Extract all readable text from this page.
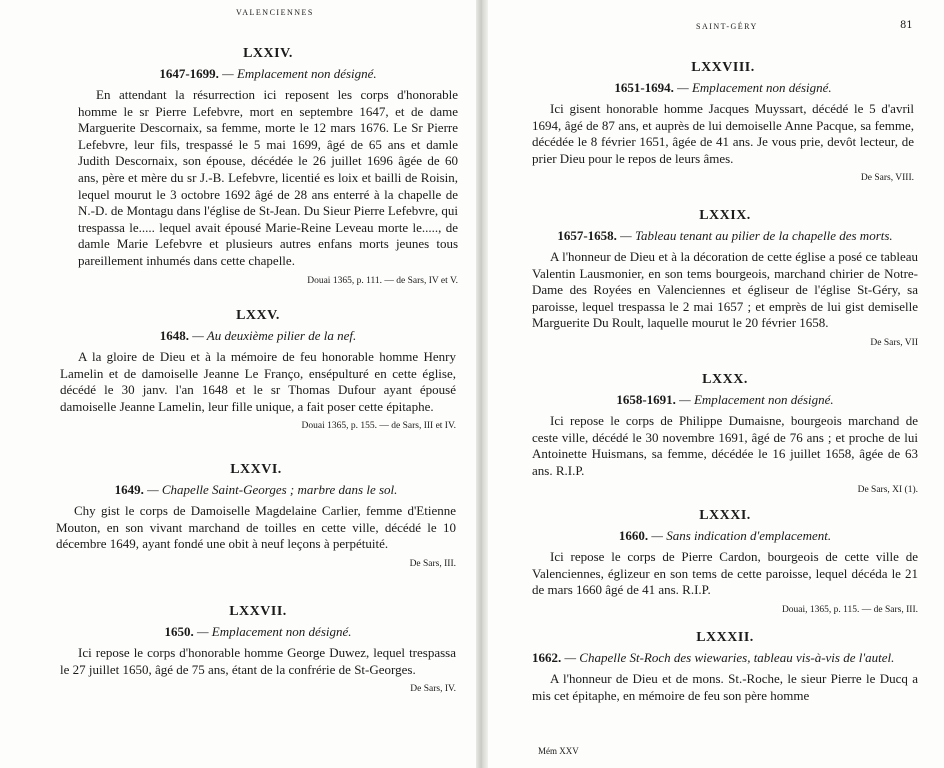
VALENCIENNES
LXXIV.
1647-1699. — Emplacement non désigné.
En attendant la résurrection ici reposent les corps d'honorable homme le sr Pierre Lefebvre, mort en septembre 1647, et de dame Marguerite Descornaix, sa femme, morte le 12 mars 1676. Le Sr Pierre Lefebvre, leur fils, trespassé le 5 mai 1699, âgé de 65 ans et damle Judith Descornaix, son épouse, décédée le 26 juillet 1696 âgée de 60 ans, père et mère du sr J.-B. Lefebvre, licentié es loix et bailli de Roisin, lequel mourut le 3 octobre 1692 âgé de 28 ans enterré à la chapelle de N.-D. de Montagu dans l'église de St-Jean. Du Sieur Pierre Lefebvre, qui trespassa le..... lequel avait épousé Marie-Reine Leveau morte le....., de damle Marie Lefebvre et plusieurs autres enfans morts jeunes tous pareillement inhumés dans cette chapelle.
Douai 1365, p. 111. — de Sars, IV et V.
LXXV.
1648. — Au deuxième pilier de la nef.
A la gloire de Dieu et à la mémoire de feu honorable homme Henry Lamelin et de damoiselle Jeanne Le Franço, ensépulturé en cette église, décédé le 30 janv. l'an 1648 et le sr Thomas Dufour ayant épousé damoiselle Jeanne Lamelin, leur fille unique, a fait poser cette épitaphe.
Douai 1365, p. 155. — de Sars, III et IV.
LXXVI.
1649. — Chapelle Saint-Georges ; marbre dans le sol.
Chy gist le corps de Damoiselle Magdelaine Carlier, femme d'Etienne Mouton, en son vivant marchand de toilles en cette ville, décédé le 10 décembre 1649, ayant fondé une obit à neuf leçons à perpétuité.
De Sars, III.
LXXVII.
1650. — Emplacement non désigné.
Ici repose le corps d'honorable homme George Duwez, lequel trespassa le 27 juillet 1650, âgé de 75 ans, étant de la confrérie de St-Georges.
De Sars, IV.
SAINT-GÉRY	81
LXXVIII.
1651-1694. — Emplacement non désigné.
Ici gisent honorable homme Jacques Muyssart, décédé le 5 d'avril 1694, âgé de 87 ans, et auprès de lui demoiselle Anne Pacque, sa femme, décédée le 8 février 1651, âgée de 41 ans. Je vous prie, devôt lecteur, de prier Dieu pour le repos de leurs âmes.
De Sars, VIII.
LXXIX.
1657-1658. — Tableau tenant au pilier de la chapelle des morts.
A l'honneur de Dieu et à la décoration de cette église a posé ce tableau Valentin Lausmonier, en son tems bourgeois, marchand chirier de Notre-Dame des Royées en Valenciennes et égliseur de l'église St-Géry, sa paroisse, lequel trespassa le 2 mai 1657 ; et emprès de lui gist demiselle Marguerite Du Roult, laquelle mourut le 20 février 1658.
De Sars, VII
LXXX.
1658-1691. — Emplacement non désigné.
Ici repose le corps de Philippe Dumaisne, bourgeois marchand de ceste ville, décédé le 30 novembre 1691, âgé de 76 ans ; et proche de lui Antoinette Huismans, sa femme, décédée le 16 juillet 1658, âgée de 63 ans. R.I.P.
De Sars, XI (1).
LXXXI.
1660. — Sans indication d'emplacement.
Ici repose le corps de Pierre Cardon, bourgeois de cette ville de Valenciennes, églizeur en son tems de cette paroisse, lequel décéda le 21 de mars 1660 âgé de 41 ans. R.I.P.
Douai, 1365, p. 115. — de Sars, III.
LXXXII.
1662. — Chapelle St-Roch des wiewaries, tableau vis-à-vis de l'autel.
A l'honneur de Dieu et de mons. St.-Roche, le sieur Pierre le Ducq a mis cet épitaphe, en mémoire de feu son père homme
Mém XXV
